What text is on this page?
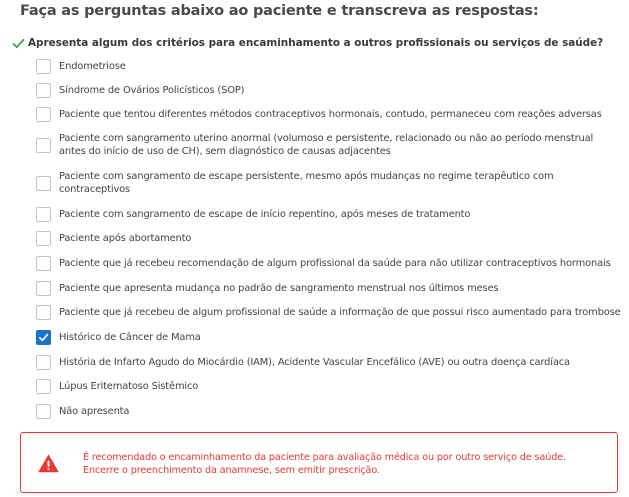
Faça as perguntas abaixo ao paciente e transcreva as respostas:
Apresenta algum dos critérios para encaminhamento a outros profissionais ou serviços de saúde?
Endometriose
Síndrome de Ovários Policísticos (SOP)
Paciente que tentou diferentes métodos contraceptivos hormonais, contudo, permaneceu com reações adversas
Paciente com sangramento uterino anormal (volumoso e persistente, relacionado ou não ao período menstrual antes do início de uso de CH), sem diagnóstico de causas adjacentes
Paciente com sangramento de escape persistente, mesmo após mudanças no regime terapêutico com contraceptivos
Paciente com sangramento de escape de início repentino, após meses de tratamento
Paciente após abortamento
Paciente que já recebeu recomendação de algum profissional da saúde para não utilizar contraceptivos hormonais
Paciente que apresenta mudança no padrão de sangramento menstrual nos últimos meses
Paciente que já recebeu de algum profissional de saúde a informação de que possui risco aumentado para trombose
Histórico de Câncer de Mama
História de Infarto Agudo do Miocárdio (IAM), Acidente Vascular Encefálico (AVE) ou outra doença cardíaca
Lúpus Eritematoso Sistêmico
Não apresenta
É recomendado o encaminhamento da paciente para avaliação médica ou por outro serviço de saúde.
Encerre o preenchimento da anamnese, sem emitir prescrição.
